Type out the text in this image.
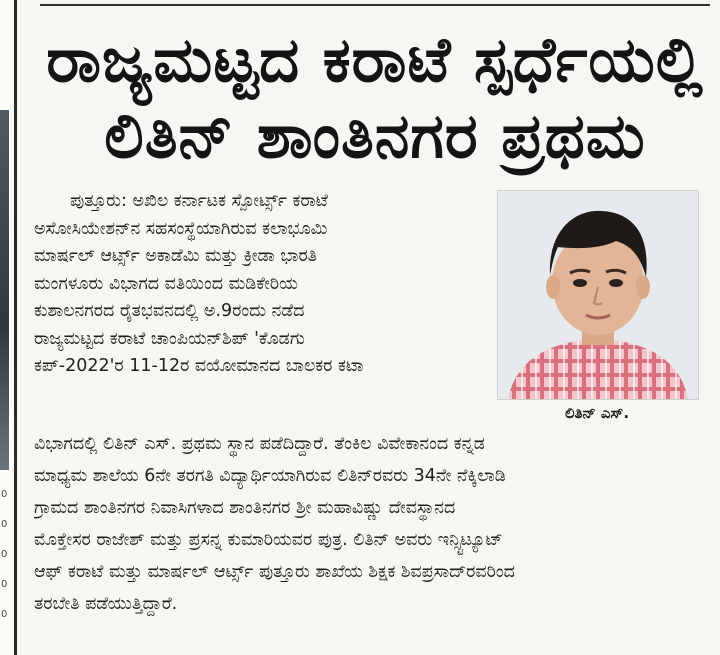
0
0
0
0
0
ರಾಜ್ಯಮಟ್ಟದ ಕರಾಟೆ ಸ್ಪರ್ಧೆಯಲ್ಲಿ
ಲಿತಿನ್ ಶಾಂತಿನಗರ ಪ್ರಥಮ

ಪುತ್ತೂರು: ಅಖಿಲ ಕರ್ನಾಟಕ ಸ್ಪೋರ್ಟ್ಸ್ ಕರಾಟೆ

ಅಸೋಸಿಯೇಶನ್‌ನ ಸಹಸಂಸ್ಥೆಯಾಗಿರುವ ಕಲಾಭೂಮಿ

ಮಾರ್ಷಲ್ ಆರ್ಟ್ಸ್ ಅಕಾಡೆಮಿ ಮತ್ತು ಕ್ರೀಡಾ ಭಾರತಿ

ಮಂಗಳೂರು ವಿಭಾಗದ ವತಿಯಿಂದ ಮಡಿಕೇರಿಯ

ಕುಶಾಲನಗರದ ರೈತಭವನದಲ್ಲಿ ಅ.9ರಂದು ನಡೆದ

ರಾಜ್ಯಮಟ್ಟದ ಕರಾಟೆ ಚಾಂಪಿಯನ್‌ಶಿಪ್ 'ಕೊಡಗು

ಕಪ್-2022'ರ 11-12ರ ವಯೋಮಾನದ ಬಾಲಕರ ಕಟಾ

ಲಿತಿನ್ ಎಸ್.

ವಿಭಾಗದಲ್ಲಿ ಲಿತಿನ್ ಎಸ್. ಪ್ರಥಮ ಸ್ಥಾನ ಪಡೆದಿದ್ದಾರೆ. ತೆಂಕಿಲ ವಿವೇಕಾನಂದ ಕನ್ನಡ

ಮಾಧ್ಯಮ ಶಾಲೆಯ 6ನೇ ತರಗತಿ ವಿದ್ಯಾರ್ಥಿಯಾಗಿರುವ ಲಿತಿನ್‌ರವರು 34ನೇ ನೆಕ್ಕಿಲಾಡಿ

ಗ್ರಾಮದ ಶಾಂತಿನಗರ ನಿವಾಸಿಗಳಾದ ಶಾಂತಿನಗರ ಶ್ರೀ ಮಹಾವಿಷ್ಣು ದೇವಸ್ಥಾನದ

ಮೊಕ್ತೇಸರ ರಾಜೇಶ್ ಮತ್ತು ಪ್ರಸನ್ನ ಕುಮಾರಿಯವರ ಪುತ್ರ. ಲಿತಿನ್ ಅವರು ಇನ್ಸ್ಟಿಟ್ಯೂಟ್

ಆಫ್ ಕರಾಟೆ ಮತ್ತು ಮಾರ್ಷಲ್ ಆರ್ಟ್ಸ್ ಪುತ್ತೂರು ಶಾಖೆಯ ಶಿಕ್ಷಕ ಶಿವಪ್ರಸಾದ್‌ರವರಿಂದ

ತರಬೇತಿ ಪಡೆಯುತ್ತಿದ್ದಾರೆ.
